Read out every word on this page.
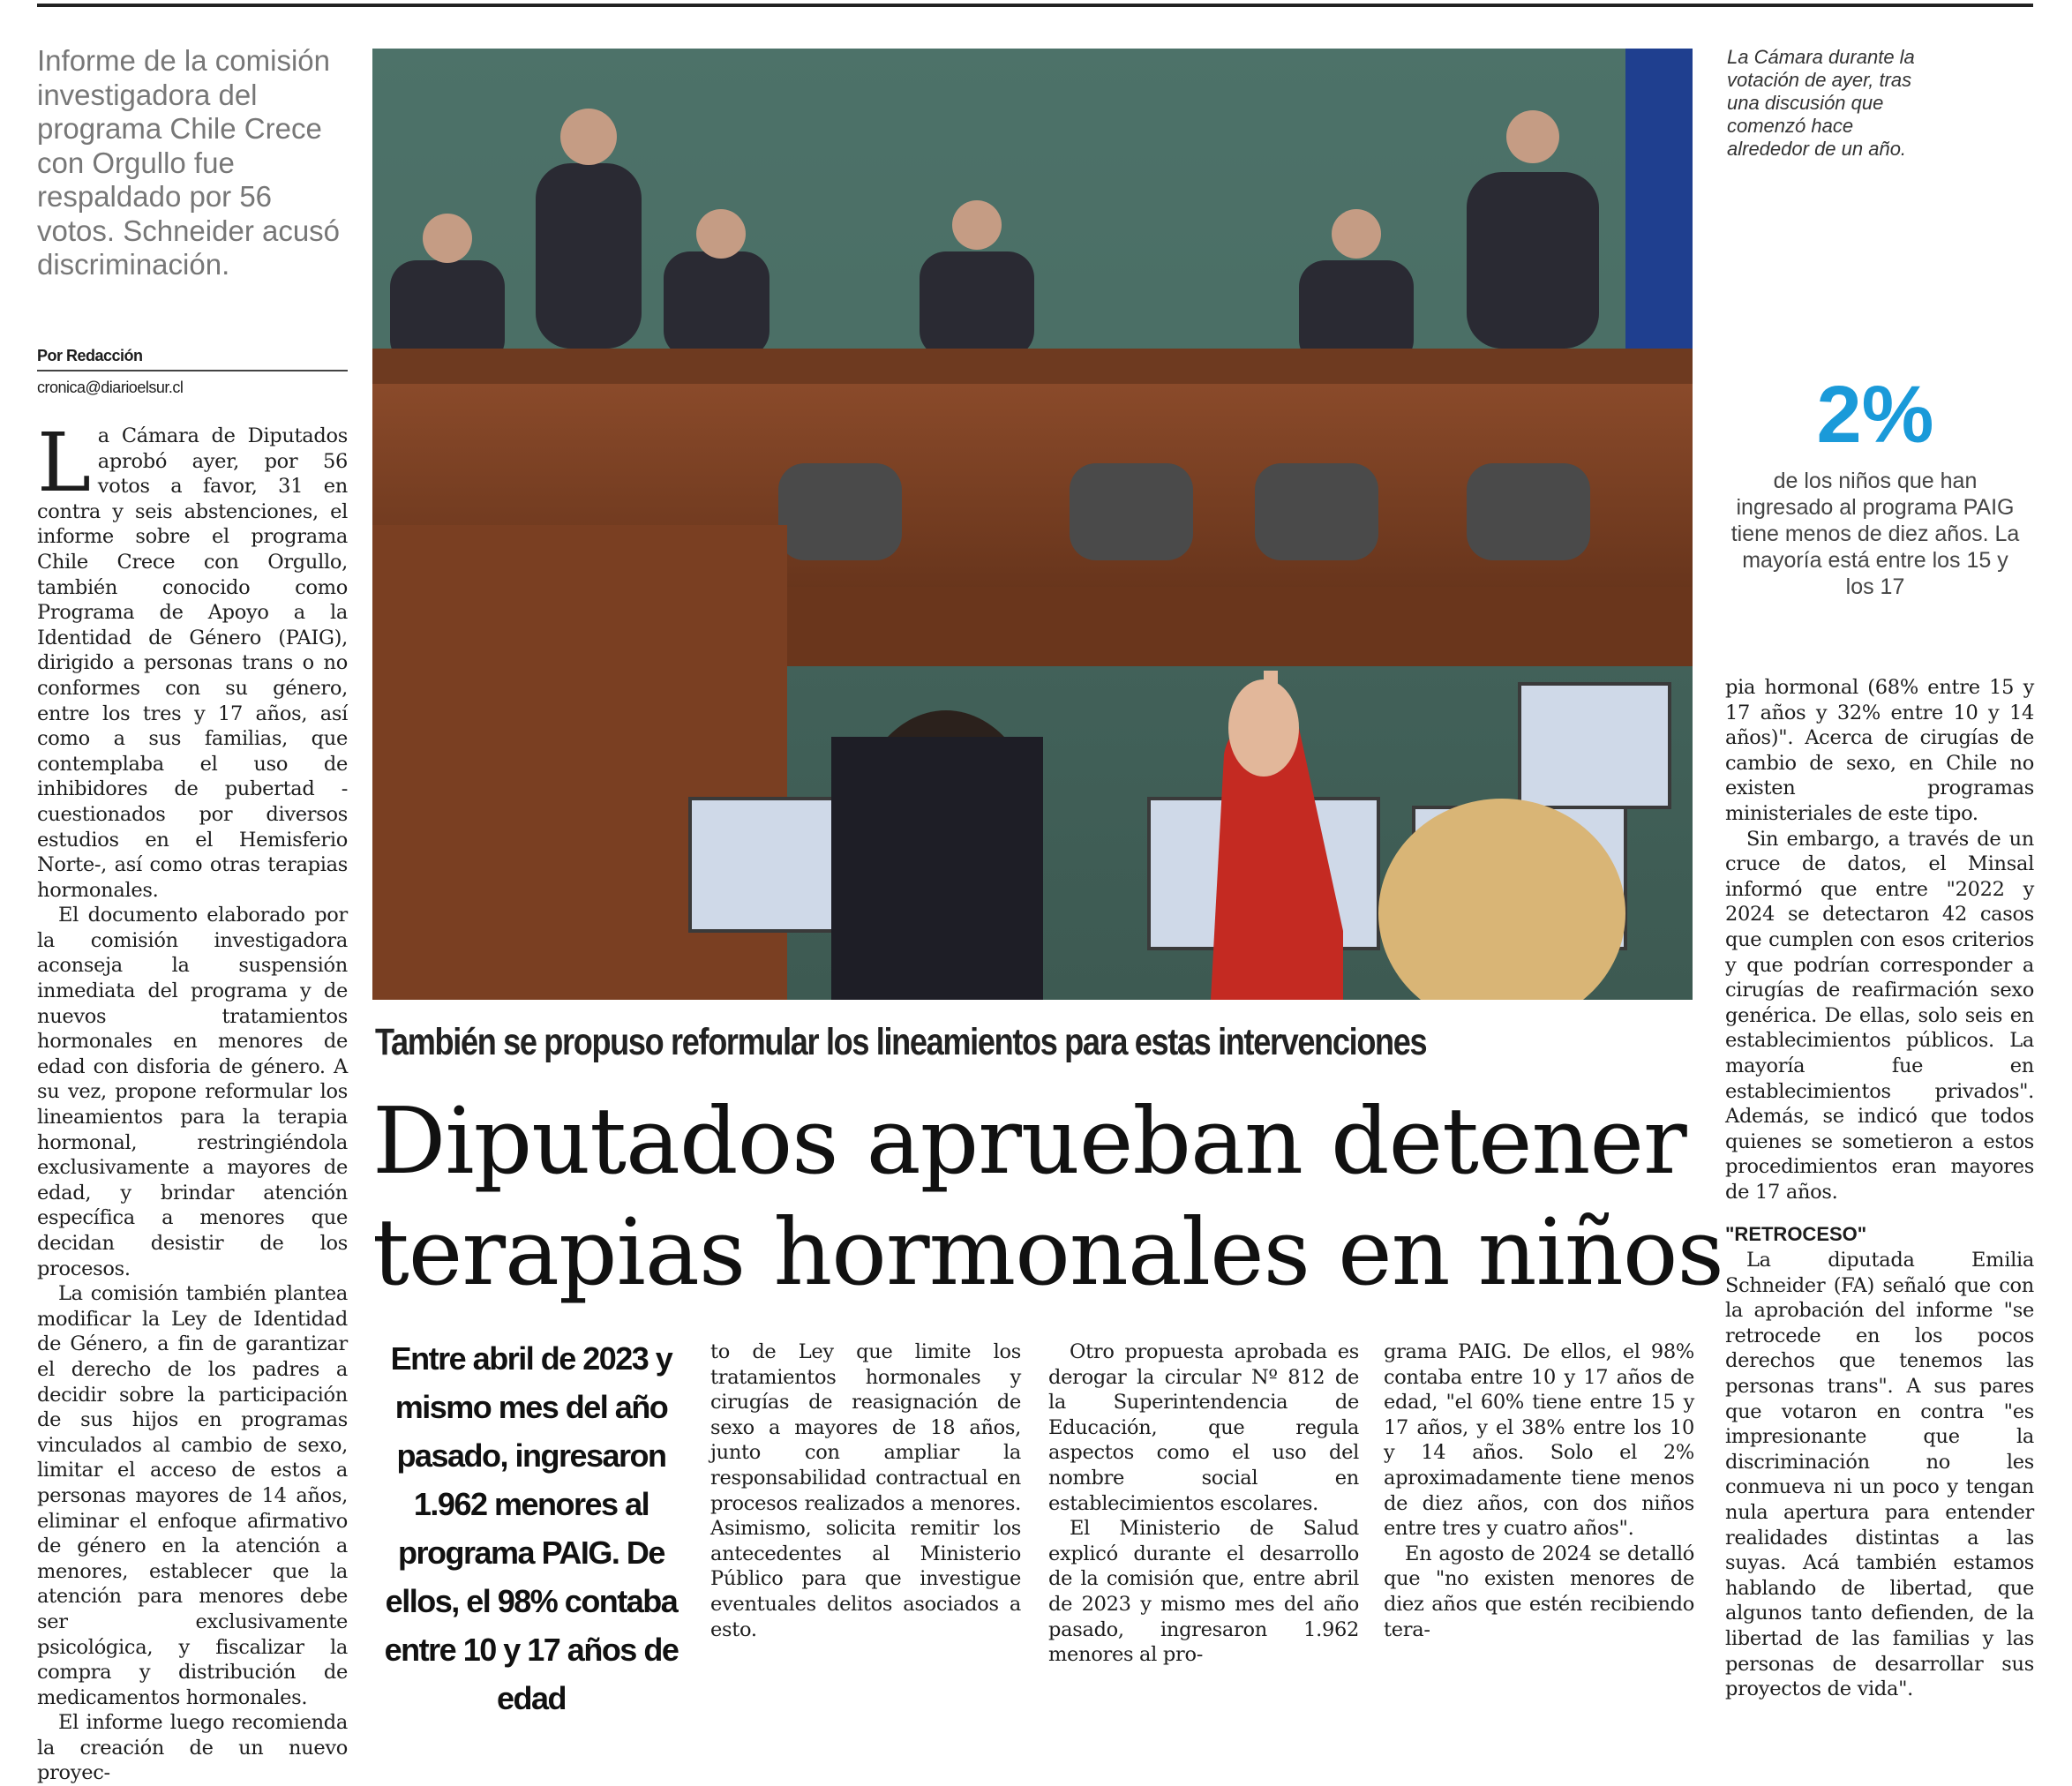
Informe de la comisión investigadora del programa Chile Crece con Orgullo fue respaldado por 56 votos. Schneider acusó discriminación.
Por Redacción
cronica@diarioelsur.cl

La Cámara de Diputados aprobó ayer, por 56 votos a favor, 31 en contra y seis abstenciones, el informe sobre el programa Chile Crece con Orgullo, también conocido como Programa de Apoyo a la Identidad de Género (PAIG), dirigido a personas trans o no conformes con su género, entre los tres y 17 años, así como a sus familias, que contemplaba el uso de inhibidores de pubertad -cuestionados por diversos estudios en el Hemisferio Norte-, así como otras terapias hormonales.

El documento elaborado por la comisión investigadora aconseja la suspensión inmediata del programa y de nuevos tratamientos hormonales en menores de edad con disforia de género. A su vez, propone reformular los lineamientos para la terapia hormonal, restringiéndola exclusivamente a mayores de edad, y brindar atención específica a menores que decidan desistir de los procesos.

La comisión también plantea modificar la Ley de Identidad de Género, a fin de garantizar el derecho de los padres a decidir sobre la participación de sus hijos en programas vinculados al cambio de sexo, limitar el acceso de estos a personas mayores de 14 años, eliminar el enfoque afirmativo de género en la atención a menores, establecer que la atención para menores debe ser exclusivamente psicológica, y fiscalizar la compra y distribución de medicamentos hormonales.

El informe luego recomienda la creación de un nuevo proyec-

La Cámara durante la votación de ayer, tras una discusión que comenzó hace alrededor de un año.
2%
de los niños que han ingresado al programa PAIG tiene menos de diez años. La mayoría está entre los 15 y los 17
También se propuso reformular los lineamientos para estas intervenciones
Diputados aprueban detener
terapias hormonales en niños
Entre abril de 2023 y mismo mes del año pasado, ingresaron 1.962 menores al programa PAIG. De ellos, el 98% contaba entre 10 y 17 años de edad

to de Ley que limite los tratamientos hormonales y cirugías de reasignación de sexo a mayores de 18 años, junto con ampliar la responsabilidad contractual en procesos realizados a menores. Asimismo, solicita remitir los antecedentes al Ministerio Público para que investigue eventuales delitos asociados a esto.

Otro propuesta aprobada es derogar la circular Nº 812 de la Superintendencia de Educación, que regula aspectos como el uso del nombre social en establecimientos escolares.

El Ministerio de Salud explicó durante el desarrollo de la comisión que, entre abril de 2023 y mismo mes del año pasado, ingresaron 1.962 menores al pro-

grama PAIG. De ellos, el 98% contaba entre 10 y 17 años de edad, "el 60% tiene entre 15 y 17 años, y el 38% entre los 10 y 14 años. Solo el 2% aproximadamente tiene menos de diez años, con dos niños entre tres y cuatro años".

En agosto de 2024 se detalló que "no existen menores de diez años que estén recibiendo tera-

pia hormonal (68% entre 15 y 17 años y 32% entre 10 y 14 años)". Acerca de cirugías de cambio de sexo, en Chile no existen programas ministeriales de este tipo.

Sin embargo, a través de un cruce de datos, el Minsal informó que entre "2022 y 2024 se detectaron 42 casos que cumplen con esos criterios y que podrían corresponder a cirugías de reafirmación sexo genérica. De ellas, solo seis en establecimientos públicos. La mayoría fue en establecimientos privados". Además, se indicó que todos quienes se sometieron a estos procedimientos eran mayores de 17 años.

"RETROCESO"

La diputada Emilia Schneider (FA) señaló que con la aprobación del informe "se retrocede en los pocos derechos que tenemos las personas trans". A sus pares que votaron en contra "es impresionante que la discriminación no les conmueva ni un poco y tengan nula apertura para entender realidades distintas a las suyas. Acá también estamos hablando de libertad, que algunos tanto defienden, de la libertad de las familias y las personas de desarrollar sus proyectos de vida".
